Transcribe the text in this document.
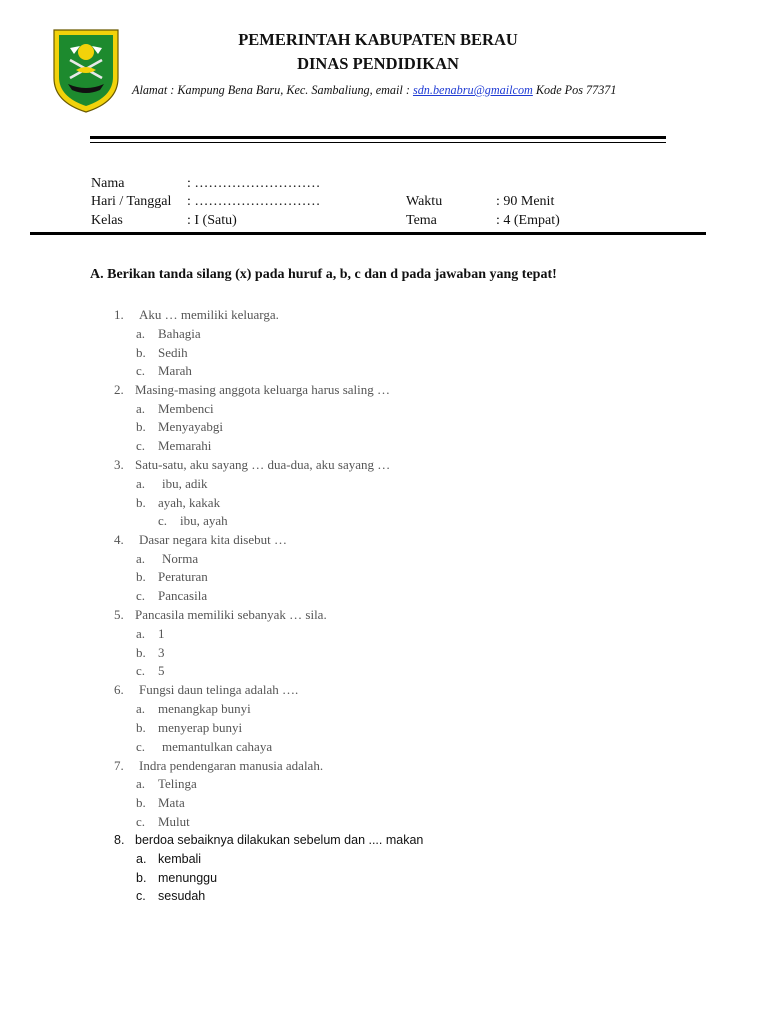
PEMERINTAH KABUPATEN BERAU
DINAS PENDIDIKAN
Alamat : Kampung Bena Baru, Kec. Sambaliung, email : sdn.benabru@gmailcom Kode Pos 77371
Nama	: ………………………
Hari / Tanggal : ………………………
Kelas	: I (Satu)
Waktu	: 90 Menit
Tema	: 4 (Empat)
A. Berikan tanda silang (x) pada huruf a, b, c dan d pada jawaban yang tepat!
1. Aku … memiliki keluarga.
a. Bahagia
b. Sedih
c. Marah
2. Masing-masing anggota keluarga harus saling …
a. Membenci
b. Menyayabgi
c. Memarahi
3. Satu-satu, aku sayang … dua-dua, aku sayang …
a. ibu, adik
b. ayah, kakak
c. ibu, ayah
4. Dasar negara kita disebut …
a. Norma
b. Peraturan
c. Pancasila
5. Pancasila memiliki sebanyak … sila.
a. 1
b. 3
c. 5
6. Fungsi daun telinga adalah ….
a. menangkap bunyi
b. menyerap bunyi
c. memantulkan cahaya
7. Indra pendengaran manusia adalah.
a. Telinga
b. Mata
c. Mulut
8. berdoa sebaiknya dilakukan sebelum dan .... makan
a. kembali
b. menunggu
c. sesudah
